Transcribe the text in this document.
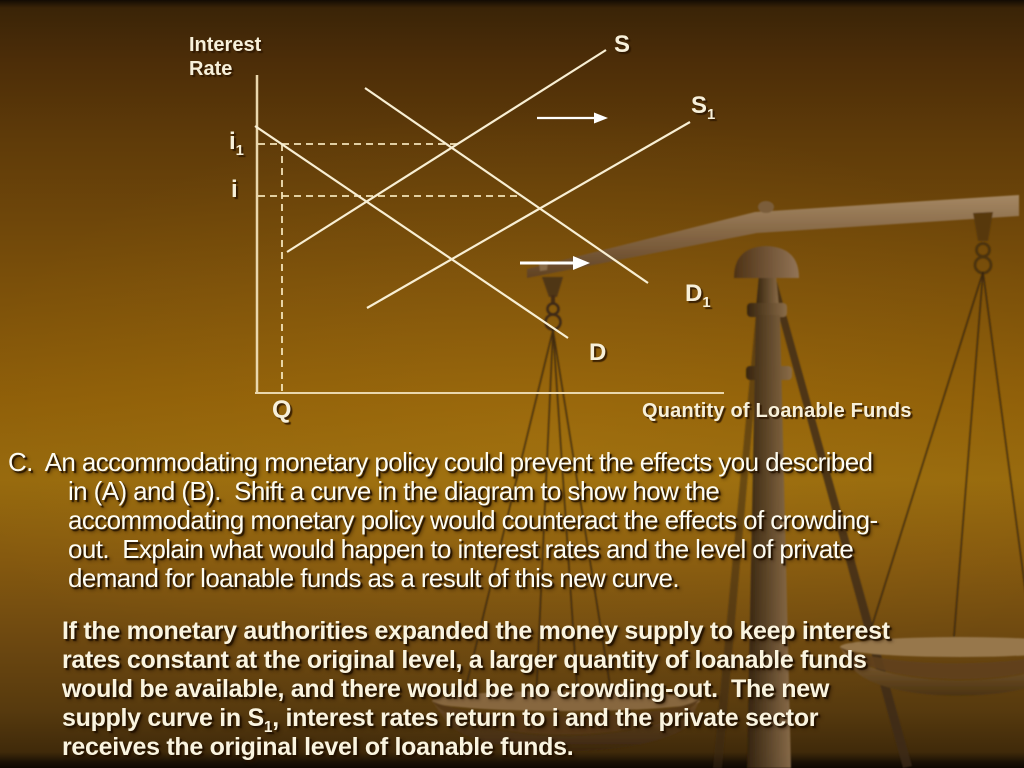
Interest
Rate
S
$S_1$
$D_1$
D
$i_1$
i
Q	Quantity of Loanable Funds
C.  An accommodating monetary policy could prevent the effects you described
in (A) and (B).  Shift a curve in the diagram to show how the
accommodating monetary policy would counteract the effects of crowding-
out.  Explain what would happen to interest rates and the level of private
demand for loanable funds as a result of this new curve.
If the monetary authorities expanded the money supply to keep interest
rates constant at the original level, a larger quantity of loanable funds
would be available, and there would be no crowding-out.  The new
supply curve in $S_1$, interest rates return to i and the private sector
receives the original level of loanable funds.
